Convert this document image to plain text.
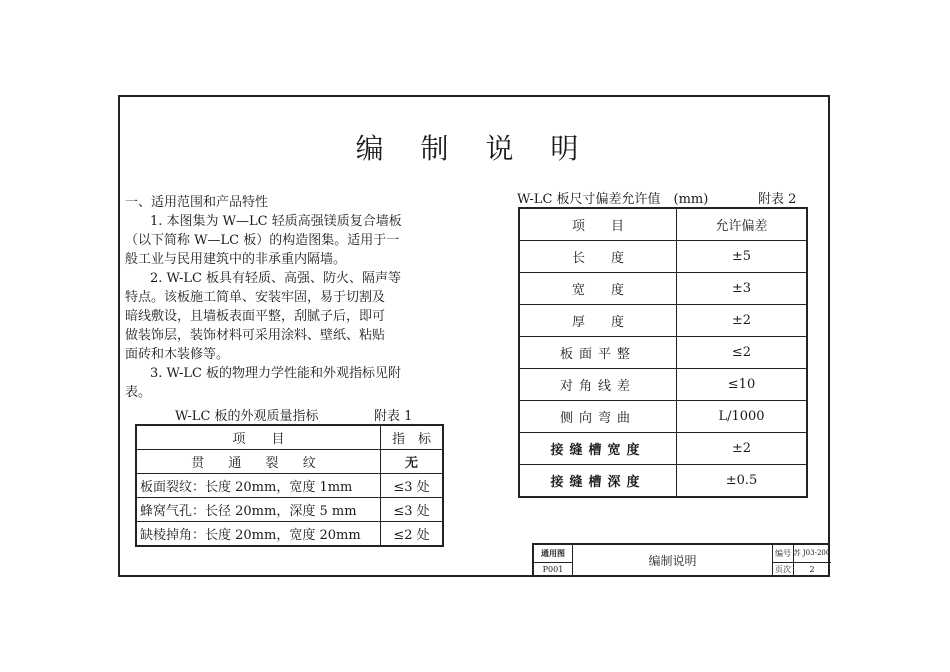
编 制 说 明
一、适用范围和产品特性
1. 本图集为 W—LC 轻质高强镁质复合墙板
（以下简称 W—LC 板）的构造图集。适用于一
般工业与民用建筑中的非承重内隔墙。
2. W-LC 板具有轻质、高强、防火、隔声等
特点。该板施工简单、安装牢固，易于切割及
暗线敷设，且墙板表面平整，刮腻子后，即可
做装饰层，装饰材料可采用涂料、壁纸、粘贴
面砖和木装修等。
3. W-LC 板的物理力学性能和外观指标见附
表。
W-LC 板的外观质量指标	附表 1
项　　目	指　标
贯 通 裂 纹	无
板面裂纹：长度 20mm，宽度 1mm	≤3 处
蜂窝气孔：长径 20mm，深度 5 mm	≤3 处
缺棱掉角：长度 20mm，宽度 20mm	≤2 处
W-LC 板尺寸偏差允许值　(mm)	附表 2
项　　目	允许偏差
长　　度	±5
宽　　度	±3
厚　　度	±2
板面平整	≤2
对角线差	≤10
侧向弯曲	L/1000
接缝槽宽度	±2
接缝槽深度	±0.5
通用图
P001
编制说明
编号 苏 J03-200
页次	2
